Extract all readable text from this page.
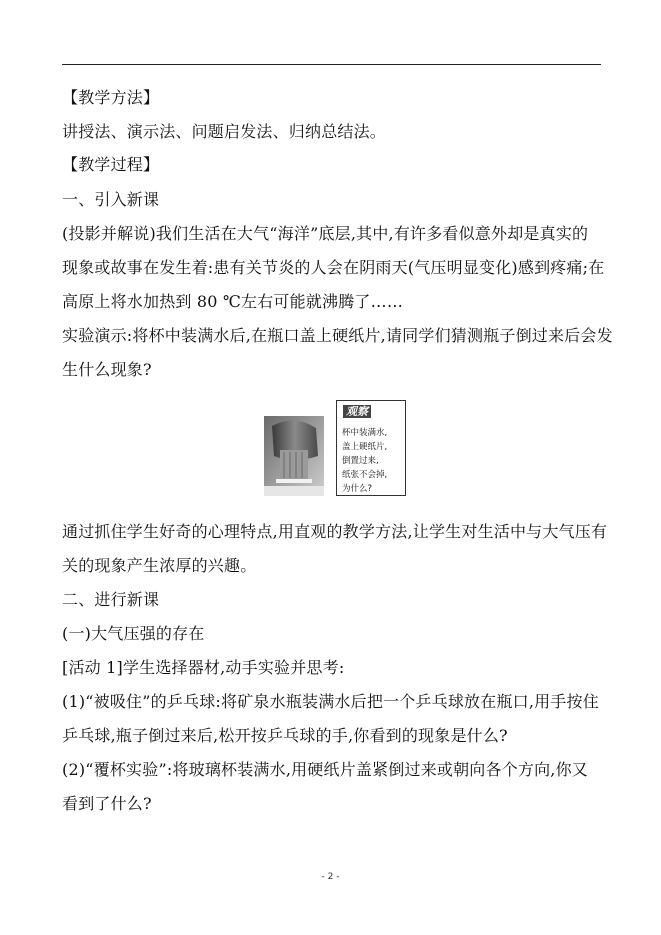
【教学方法】
讲授法、演示法、问题启发法、归纳总结法。
【教学过程】
一、引入新课
(投影并解说)我们生活在大气“海洋”底层,其中,有许多看似意外却是真实的
现象或故事在发生着:患有关节炎的人会在阴雨天(气压明显变化)感到疼痛;在
高原上将水加热到 80 ℃左右可能就沸腾了……
实验演示:将杯中装满水后,在瓶口盖上硬纸片,请同学们猜测瓶子倒过来后会发
生什么现象?
观察
杯中装满水,
盖上硬纸片,
倒置过来,
纸张不会掉,
为什么?
通过抓住学生好奇的心理特点,用直观的教学方法,让学生对生活中与大气压有
关的现象产生浓厚的兴趣。
二、进行新课
(一)大气压强的存在
[活动 1]学生选择器材,动手实验并思考:
(1)“被吸住”的乒乓球:将矿泉水瓶装满水后把一个乒乓球放在瓶口,用手按住
乒乓球,瓶子倒过来后,松开按乒乓球的手,你看到的现象是什么?
(2)“覆杯实验”:将玻璃杯装满水,用硬纸片盖紧倒过来或朝向各个方向,你又
看到了什么?
- 2 -
